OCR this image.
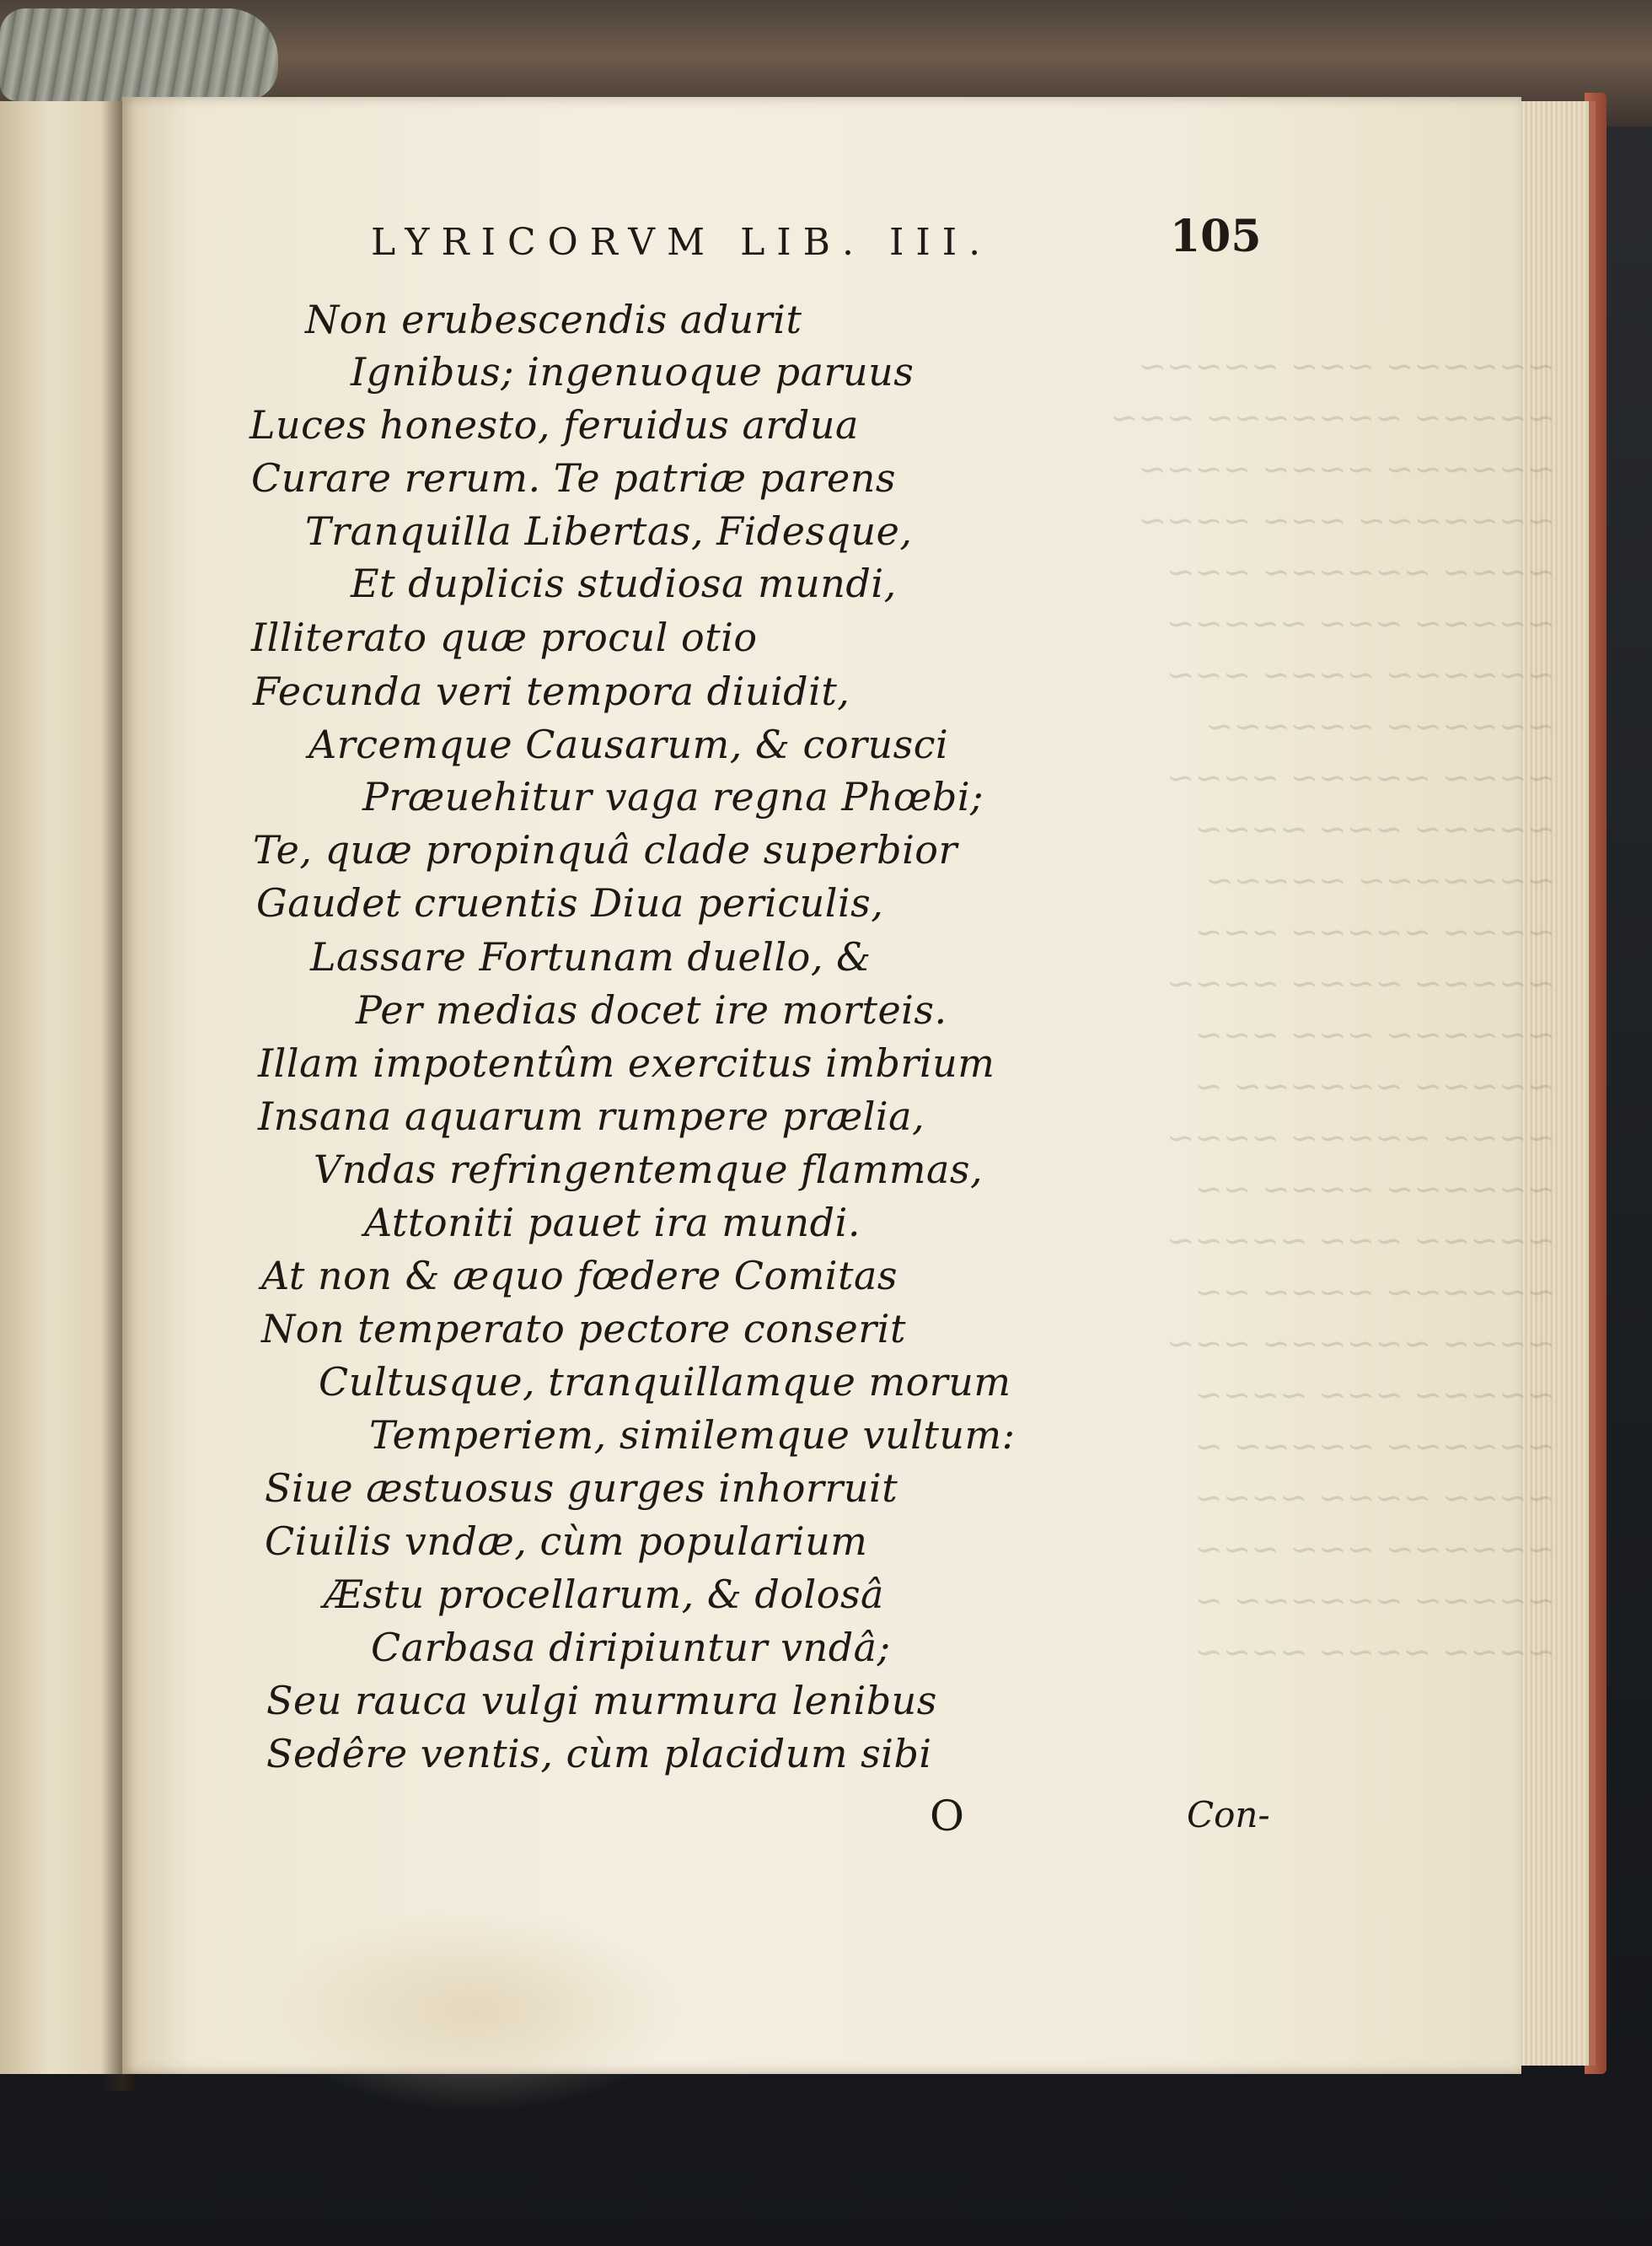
~~~~~~ ~~~ ~~~~~
~~~~~ ~~~~~~~ ~~~
~~~~~~ ~~~~ ~~~~
~~~~~~~ ~~~ ~~~~
~~~~ ~~~~~~ ~~~
~~~~~ ~~~ ~~~~~
~~~~~~ ~~~~ ~~~
~~~~~~ ~~~~~~
~~~~ ~~~~~ ~~~~
~~~~~ ~~~ ~~~~
~~~~~~~ ~~~~~
~~~~ ~~~~~ ~~~
~~~~~ ~~~~ ~~~~
~~~~~~ ~~~ ~~~
~~~~~ ~~~~~~ ~
~~~~ ~~~~~ ~~~~
~~~~~~ ~~~~ ~~
~~~~~ ~~~ ~~~~~
~~~~~~ ~~~~ ~~
~~~~ ~~~~~~ ~~~
~~~~~ ~~~ ~~~~
~~~~~~ ~~~~~ ~
~~~~ ~~~~ ~~~~
~~~~~~ ~~~ ~~~
~~~~~ ~~~~~~ ~
~~~~ ~~~~ ~~~~
LYRICORVM LIB. III.	105
Non erubescendis adurit
Ignibus; ingenuoque paruus
Luces honesto, feruidus ardua
Curare rerum. Te patriæ parens
Tranquilla Libertas, Fidesque,
Et duplicis studiosa mundi,
Illiterato quæ procul otio
Fecunda veri tempora diuidit,
Arcemque Causarum, & corusci
Præuehitur vaga regna Phœbi;
Te, quæ propinquâ clade superbior
Gaudet cruentis Diua periculis,
Lassare Fortunam duello, &
Per medias docet ire morteis.
Illam impotentûm exercitus imbrium
Insana aquarum rumpere prælia,
Vndas refringentemque flammas,
Attoniti pauet ira mundi.
At non & æquo fœdere Comitas
Non temperato pectore conserit
Cultusque, tranquillamque morum
Temperiem, similemque vultum:
Siue æstuosus gurges inhorruit
Ciuilis vndæ, cùm popularium
Æstu procellarum, & dolosâ
Carbasa diripiuntur vndâ;
Seu rauca vulgi murmura lenibus
Sedêre ventis, cùm placidum sibi
O	Con-
